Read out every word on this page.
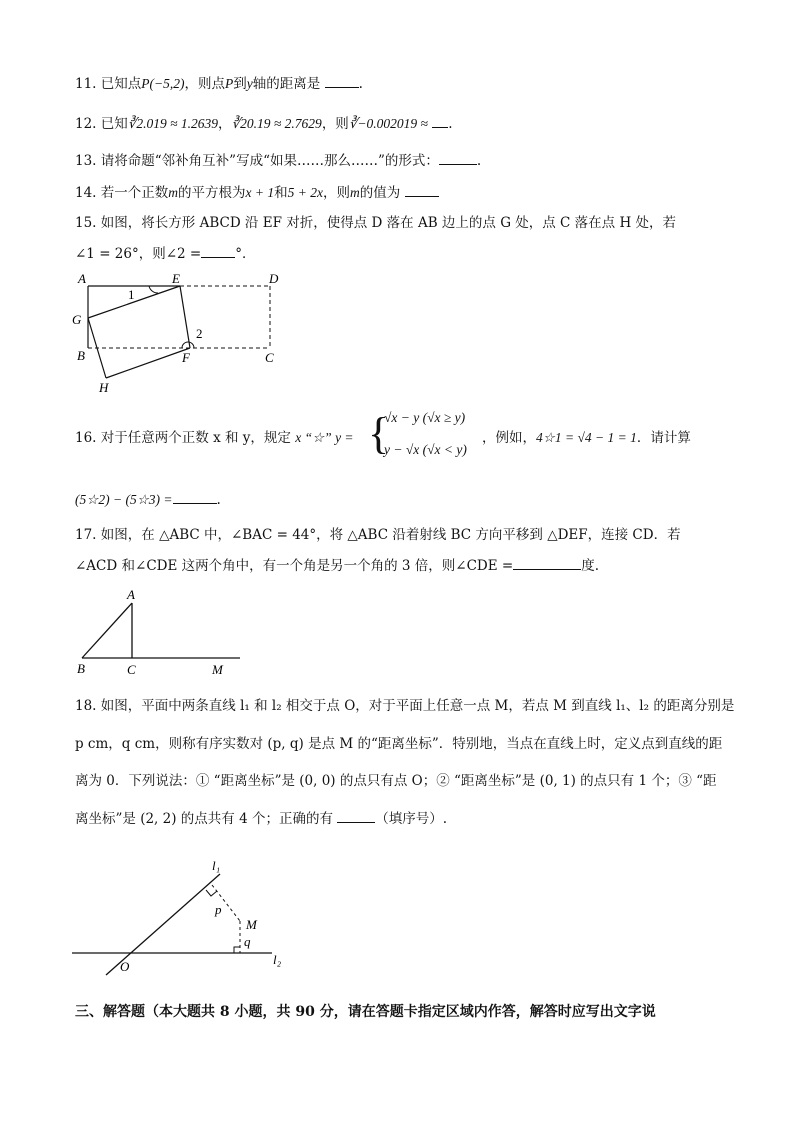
11. 已知点P(−5,2)，则点P到y轴的距离是	.
12. 已知∛2.019 ≈ 1.2639，∛20.19 ≈ 2.7629，则∛−0.002019 ≈ .
13. 请将命题“邻补角互补”写成“如果……那么……”的形式：	.
14. 若一个正数m的平方根为x + 1和5 + 2x，则m的值为
15. 如图，将长方形 ABCD 沿 EF 对折，使得点 D 落在 AB 边上的点 G 处，点 C 落在点 H 处，若
∠1 = 26°，则∠2 =	°．
A	E	D
G
B	F	C
H
1
2
16. 对于任意两个正数 x 和 y，规定 x “☆” y = {
√x − y (√x ≥ y)
y − √x (√x < y)
，例如，4☆1 = √4 − 1 = 1．请计算
(5☆2) − (5☆3) =	.
17. 如图，在 △ABC 中，∠BAC = 44°，将 △ABC 沿着射线 BC 方向平移到 △DEF，连接 CD．若
∠ACD 和∠CDE 这两个角中，有一个角是另一个角的 3 倍，则∠CDE =	度.
A
B	C	M
18. 如图，平面中两条直线 l₁ 和 l₂ 相交于点 O，对于平面上任意一点 M，若点 M 到直线 l₁、l₂ 的距离分别是
p cm，q cm，则称有序实数对 (p, q) 是点 M 的“距离坐标”．特别地，当点在直线上时，定义点到直线的距
离为 0．下列说法：① “距离坐标”是 (0, 0) 的点只有点 O；② “距离坐标”是 (0, 1) 的点只有 1 个；③ “距
离坐标”是 (2, 2) 的点共有 4 个；正确的有	（填序号）.
l₁
l₂
O
M
p
q
三、解答题（本大题共 8 小题，共 90 分，请在答题卡指定区域内作答，解答时应写出文字说
